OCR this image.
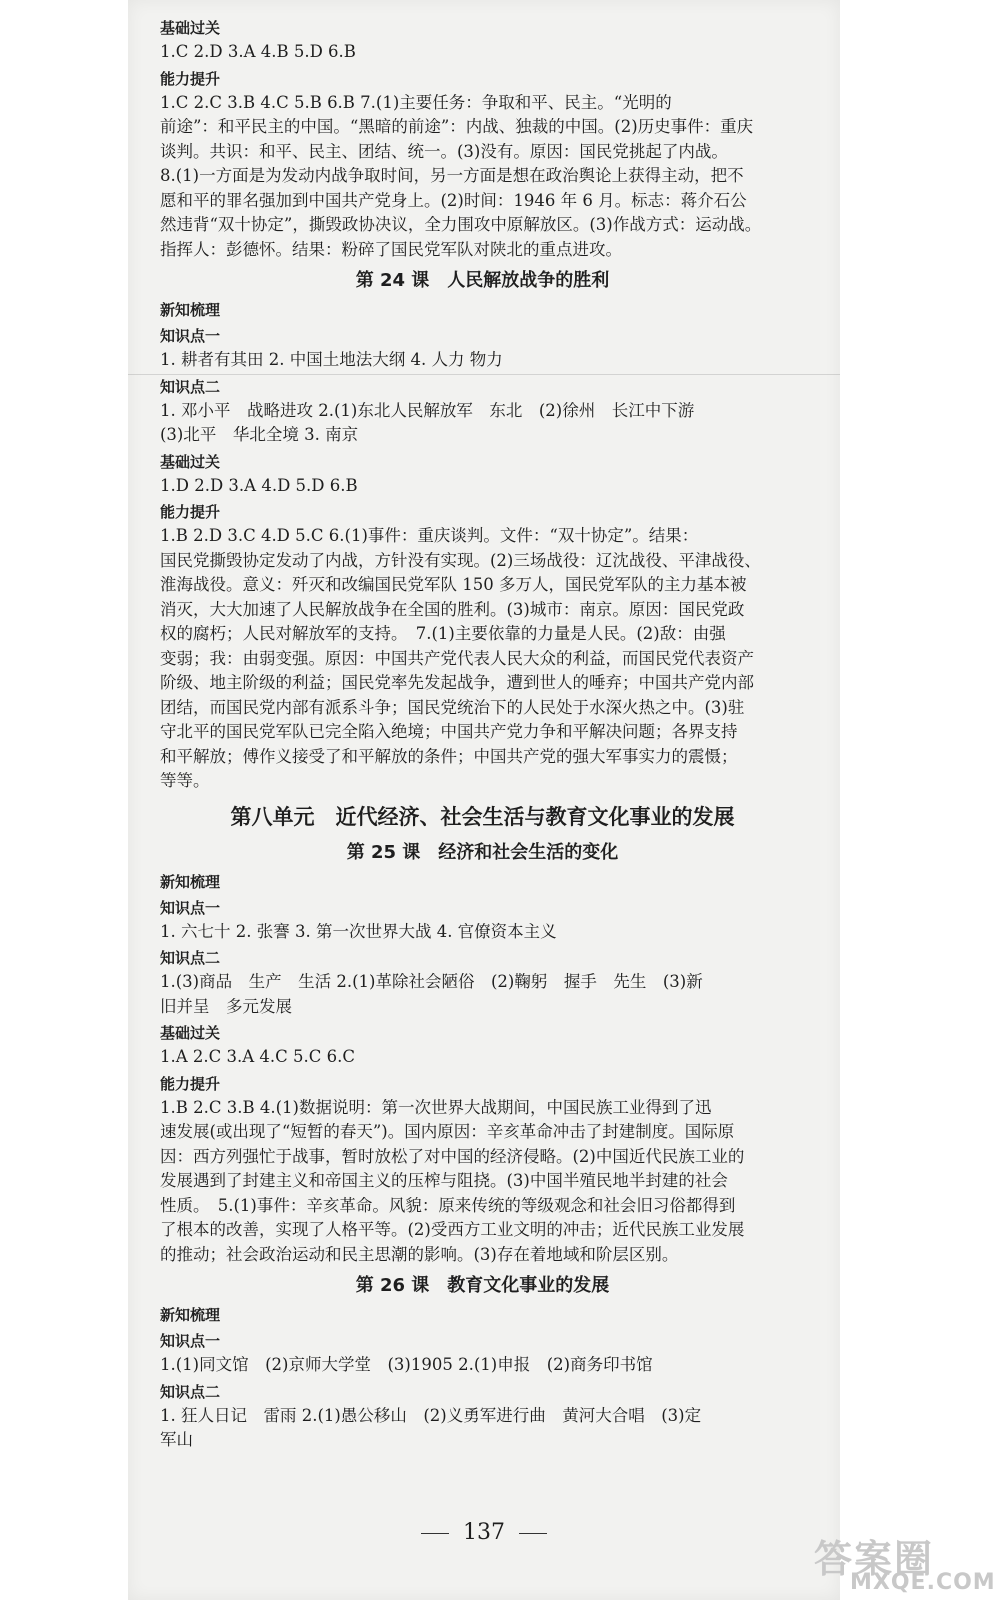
基础过关

1.C 2.D 3.A 4.B 5.D 6.B

能力提升

1.C 2.C 3.B 4.C 5.B 6.B 7.(1)主要任务：争取和平、民主。“光明的

前途”：和平民主的中国。“黑暗的前途”：内战、独裁的中国。(2)历史事件：重庆

谈判。共识：和平、民主、团结、统一。(3)没有。原因：国民党挑起了内战。

8.(1)一方面是为发动内战争取时间，另一方面是想在政治舆论上获得主动，把不

愿和平的罪名强加到中国共产党身上。(2)时间：1946 年 6 月。标志：蒋介石公

然违背“双十协定”，撕毁政协决议，全力围攻中原解放区。(3)作战方式：运动战。

指挥人：彭德怀。结果：粉碎了国民党军队对陕北的重点进攻。

第 24 课　人民解放战争的胜利

新知梳理

知识点一

1. 耕者有其田 2. 中国土地法大纲 4. 人力 物力

知识点二

1. 邓小平　战略进攻 2.(1)东北人民解放军　东北　(2)徐州　长江中下游

(3)北平　华北全境 3. 南京

基础过关

1.D 2.D 3.A 4.D 5.D 6.B

能力提升

1.B 2.D 3.C 4.D 5.C 6.(1)事件：重庆谈判。文件：“双十协定”。结果：

国民党撕毁协定发动了内战，方针没有实现。(2)三场战役：辽沈战役、平津战役、

淮海战役。意义：歼灭和改编国民党军队 150 多万人，国民党军队的主力基本被

消灭，大大加速了人民解放战争在全国的胜利。(3)城市：南京。原因：国民党政

权的腐朽；人民对解放军的支持。　7.(1)主要依靠的力量是人民。(2)敌：由强

变弱；我：由弱变强。原因：中国共产党代表人民大众的利益，而国民党代表资产

阶级、地主阶级的利益；国民党率先发起战争，遭到世人的唾弃；中国共产党内部

团结，而国民党内部有派系斗争；国民党统治下的人民处于水深火热之中。(3)驻

守北平的国民党军队已完全陷入绝境；中国共产党力争和平解决问题；各界支持

和平解放；傅作义接受了和平解放的条件；中国共产党的强大军事实力的震慑；

等等。

第八单元　近代经济、社会生活与教育文化事业的发展

第 25 课　经济和社会生活的变化

新知梳理

知识点一

1. 六七十 2. 张謇 3. 第一次世界大战 4. 官僚资本主义

知识点二

1.(3)商品　生产　生活 2.(1)革除社会陋俗　(2)鞠躬　握手　先生　(3)新

旧并呈　多元发展

基础过关

1.A 2.C 3.A 4.C 5.C 6.C

能力提升

1.B 2.C 3.B 4.(1)数据说明：第一次世界大战期间，中国民族工业得到了迅

速发展(或出现了“短暂的春天”)。国内原因：辛亥革命冲击了封建制度。国际原

因：西方列强忙于战事，暂时放松了对中国的经济侵略。(2)中国近代民族工业的

发展遇到了封建主义和帝国主义的压榨与阻挠。(3)中国半殖民地半封建的社会

性质。　5.(1)事件：辛亥革命。风貌：原来传统的等级观念和社会旧习俗都得到

了根本的改善，实现了人格平等。(2)受西方工业文明的冲击；近代民族工业发展

的推动；社会政治运动和民主思潮的影响。(3)存在着地域和阶层区别。

第 26 课　教育文化事业的发展

新知梳理

知识点一

1.(1)同文馆　(2)京师大学堂　(3)1905 2.(1)申报　(2)商务印书馆

知识点二

1. 狂人日记　雷雨 2.(1)愚公移山　(2)义勇军进行曲　黄河大合唱　(3)定

军山

137
答案圈
MXQE.COM
